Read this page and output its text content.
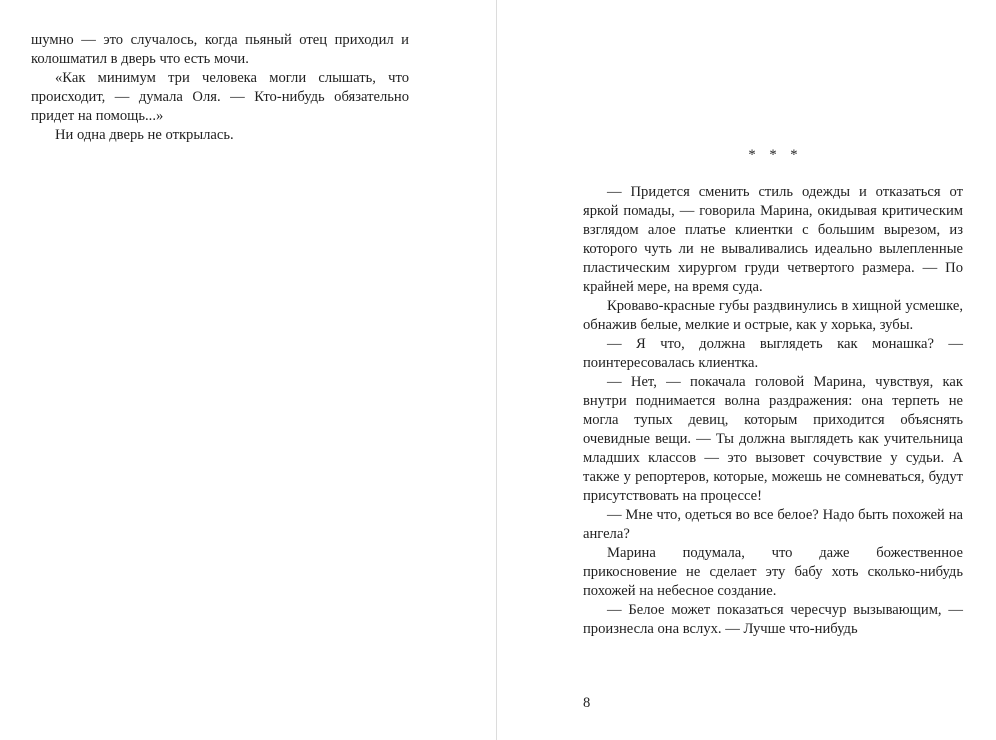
шумно — это случалось, когда пьяный отец приходил и колошматил в дверь что есть мочи.

«Как минимум три человека могли слышать, что происходит, — думала Оля. — Кто-нибудь обязательно придет на помощь...»

Ни одна дверь не открылась.

* * *

— Придется сменить стиль одежды и отказаться от яркой помады, — говорила Марина, окидывая критическим взглядом алое платье клиентки с большим вырезом, из которого чуть ли не вываливались идеально вылепленные пластическим хирургом груди четвертого размера. — По крайней мере, на время суда.

Кроваво-красные губы раздвинулись в хищной усмешке, обнажив белые, мелкие и острые, как у хорька, зубы.

— Я что, должна выглядеть как монашка? — поинтересовалась клиентка.

— Нет, — покачала головой Марина, чувствуя, как внутри поднимается волна раздражения: она терпеть не могла тупых девиц, которым приходится объяснять очевидные вещи. — Ты должна выглядеть как учительница младших классов — это вызовет сочувствие у судьи. А также у репортеров, которые, можешь не сомневаться, будут присутствовать на процессе!

— Мне что, одеться во все белое? Надо быть похожей на ангела?

Марина подумала, что даже божественное прикосновение не сделает эту бабу хоть сколько-нибудь похожей на небесное создание.

— Белое может показаться чересчур вызывающим, — произнесла она вслух. — Лучше что-нибудь

8
